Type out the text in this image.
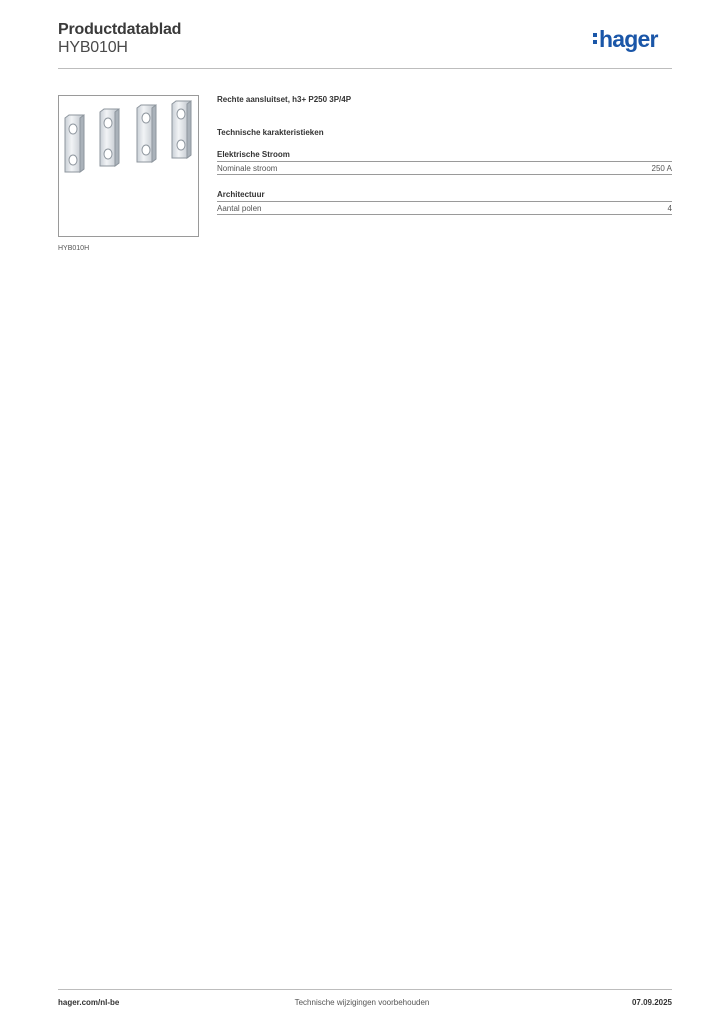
Productdatablad
HYB010H	hager
HYB010H
Rechte aansluitset, h3+ P250 3P/4P
Technische karakteristieken
Elektrische Stroom
Nominale stroom	250 A
Architectuur
Aantal polen	4
hager.com/nl-be	Technische wijzigingen voorbehouden	07.09.2025
